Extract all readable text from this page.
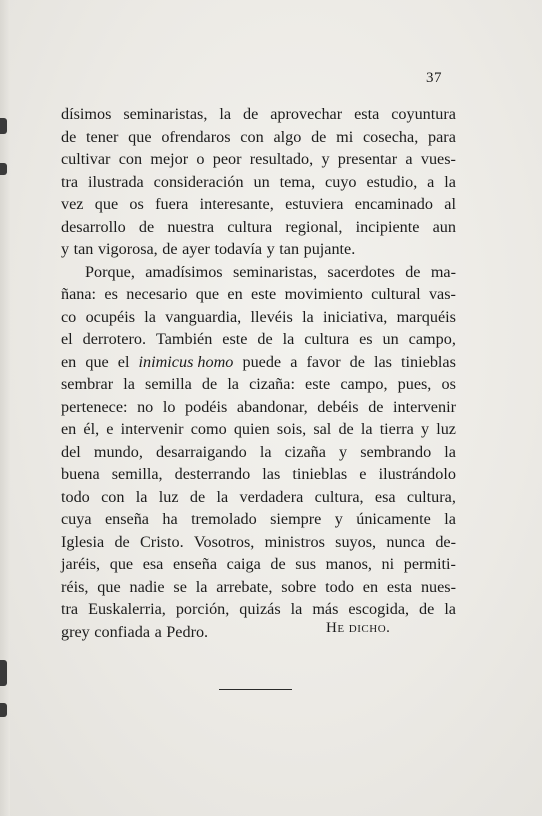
37
dísimos seminaristas, la de aprovechar esta coyuntura
de tener que ofrendaros con algo de mi cosecha, para
cultivar con mejor o peor resultado, y presentar a vues-
tra ilustrada consideración un tema, cuyo estudio, a la
vez que os fuera interesante, estuviera encaminado al
desarrollo de nuestra cultura regional, incipiente aun
y tan vigorosa, de ayer todavía y tan pujante.
Porque, amadísimos seminaristas, sacerdotes de ma-
ñana: es necesario que en este movimiento cultural vas-
co ocupéis la vanguardia, llevéis la iniciativa, marquéis
el derrotero. También este de la cultura es un campo,
en que el inimicus homo puede a favor de las tinieblas
sembrar la semilla de la cizaña: este campo, pues, os
pertenece: no lo podéis abandonar, debéis de intervenir
en él, e intervenir como quien sois, sal de la tierra y luz
del mundo, desarraigando la cizaña y sembrando la
buena semilla, desterrando las tinieblas e ilustrándolo
todo con la luz de la verdadera cultura, esa cultura,
cuya enseña ha tremolado siempre y únicamente la
Iglesia de Cristo. Vosotros, ministros suyos, nunca de-
jaréis, que esa enseña caiga de sus manos, ni permiti-
réis, que nadie se la arrebate, sobre todo en esta nues-
tra Euskalerria, porción, quizás la más escogida, de la
grey confiada a Pedro.	He dicho.
